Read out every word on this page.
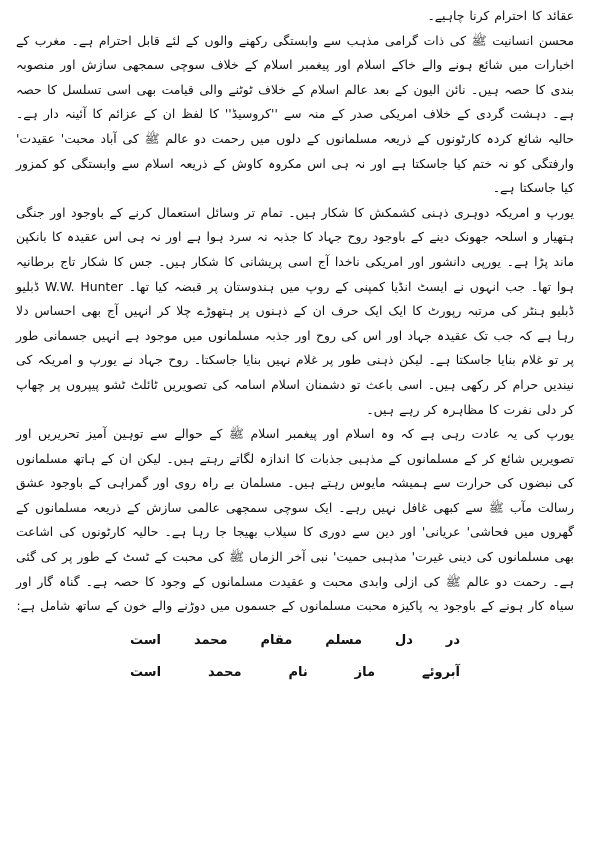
عقائد کا احترام کرنا چاہیے۔

محسن انسانیت ﷺ کی ذات گرامی مذہب سے وابستگی رکھنے والوں کے لئے قابل احترام ہے۔ مغرب کے اخبارات میں شائع ہونے والے خاکے اسلام اور پیغمبر اسلام کے خلاف سوچی سمجھی سازش اور منصوبہ بندی کا حصہ ہیں۔ نائن الیون کے بعد عالم اسلام کے خلاف ٹوٹنے والی قیامت بھی اسی تسلسل کا حصہ ہے۔ دہشت گردی کے خلاف امریکی صدر کے منہ سے ''کروسیڈ'' کا لفظ ان کے عزائم کا آئینہ دار ہے۔ حالیہ شائع کردہ کارٹونوں کے ذریعہ مسلمانوں کے دلوں میں رحمت دو عالم ﷺ کی آباد محبت' عقیدت' وارفتگی کو نہ ختم کیا جاسکتا ہے اور نہ ہی اس مکروہ کاوش کے ذریعہ اسلام سے وابستگی کو کمزور کیا جاسکتا ہے۔

یورپ و امریکہ دوہری ذہنی کشمکش کا شکار ہیں۔ تمام تر وسائل استعمال کرنے کے باوجود اور جنگی ہتھیار و اسلحہ جھونک دینے کے باوجود روح جہاد کا جذبہ نہ سرد ہوا ہے اور نہ ہی اس عقیدہ کا بانکپن ماند پڑا ہے۔ یورپی دانشور اور امریکی ناخدا آج اسی پریشانی کا شکار ہیں۔ جس کا شکار تاج برطانیہ ہوا تھا۔ جب انہوں نے ایسٹ انڈیا کمپنی کے روپ میں ہندوستان پر قبضہ کیا تھا۔ W.W. Hunter ڈبلیو ڈبلیو ہنٹر کی مرتبہ رپورٹ کا ایک ایک حرف ان کے ذہنوں پر ہتھوڑے چلا کر انہیں آج بھی احساس دلا رہا ہے کہ جب تک عقیدہ جہاد اور اس کی روح اور جذبہ مسلمانوں میں موجود ہے انہیں جسمانی طور پر تو غلام بنایا جاسکتا ہے۔ لیکن ذہنی طور پر غلام نہیں بنایا جاسکتا۔ روح جہاد نے یورپ و امریکہ کی نیندیں حرام کر رکھی ہیں۔ اسی باعث تو دشمنان اسلام اسامہ کی تصویریں ٹائلٹ ٹشو پیپروں پر چھاپ کر دلی نفرت کا مظاہرہ کر رہے ہیں۔

یورپ کی یہ عادت رہی ہے کہ وہ اسلام اور پیغمبر اسلام ﷺ کے حوالے سے توہین آمیز تحریریں اور تصویریں شائع کر کے مسلمانوں کے مذہبی جذبات کا اندازہ لگاتے رہتے ہیں۔ لیکن ان کے ہاتھ مسلمانوں کی نبضوں کی حرارت سے ہمیشہ مایوس رہتے ہیں۔ مسلمان بے راہ روی اور گمراہی کے باوجود عشق رسالت مآب ﷺ سے کبھی غافل نہیں رہے۔ ایک سوچی سمجھی عالمی سازش کے ذریعہ مسلمانوں کے گھروں میں فحاشی' عریانی' اور دین سے دوری کا سیلاب بھیجا جا رہا ہے۔ حالیہ کارٹونوں کی اشاعت بھی مسلمانوں کی دینی غیرت' مذہبی حمیت' نبی آخر الزماں ﷺ کی محبت کے ٹسٹ کے طور پر کی گئی ہے۔ رحمت دو عالم ﷺ کی ازلی وابدی محبت و عقیدت مسلمانوں کے وجود کا حصہ ہے۔ گناہ گار اور سیاہ کار ہونے کے باوجود یہ پاکیزہ محبت مسلمانوں کے جسموں میں دوڑنے والے خون کے ساتھ شامل ہے:

در
دل
مسلم
مقام
محمد
است
آبروئے
ماز
نام
محمد
است
